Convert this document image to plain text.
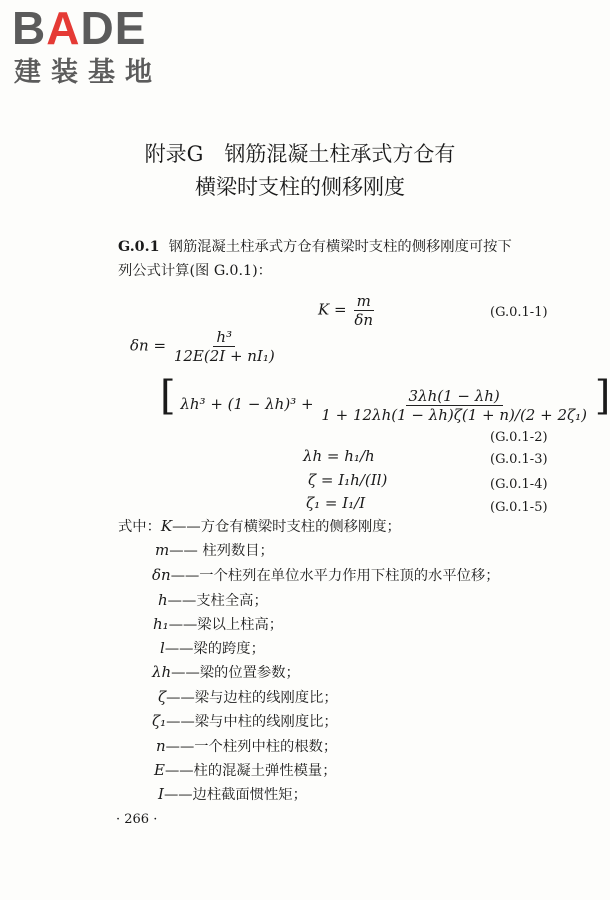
BADE
建装基地
附录G　钢筋混凝土柱承式方仓有
横梁时支柱的侧移刚度
G.0.1 钢筋混凝土柱承式方仓有横梁时支柱的侧移刚度可按下
列公式计算(图 G.0.1)：
$K = \frac{m}{\delta n}$	(G.0.1-1)
$\delta n = \frac{\text{h³}}{\text{12E(2I + nI₁)}}$
[ $\lambda h^3 + (1 - \lambda h)^3 + \frac{3\lambda h(1 - \lambda h)}{\text{1 + 12λh(1 − λh)ζ(1 + n)/(2 + 2ζ₁)}}$ ]
(G.0.1-2)
λh = h₁/h	(G.0.1-3)
ζ = I₁h/(Il)	(G.0.1-4)
ζ₁ = I₁/I	(G.0.1-5)
式中：K——方仓有横梁时支柱的侧移刚度；
m—— 柱列数目；
δn——一个柱列在单位水平力作用下柱顶的水平位移；
h——支柱全高；
h₁——梁以上柱高；
l——梁的跨度；
λh——梁的位置参数；
ζ——梁与边柱的线刚度比；
ζ₁——梁与中柱的线刚度比；
n——一个柱列中柱的根数；
E——柱的混凝土弹性模量；
I——边柱截面惯性矩；
· 266 ·
